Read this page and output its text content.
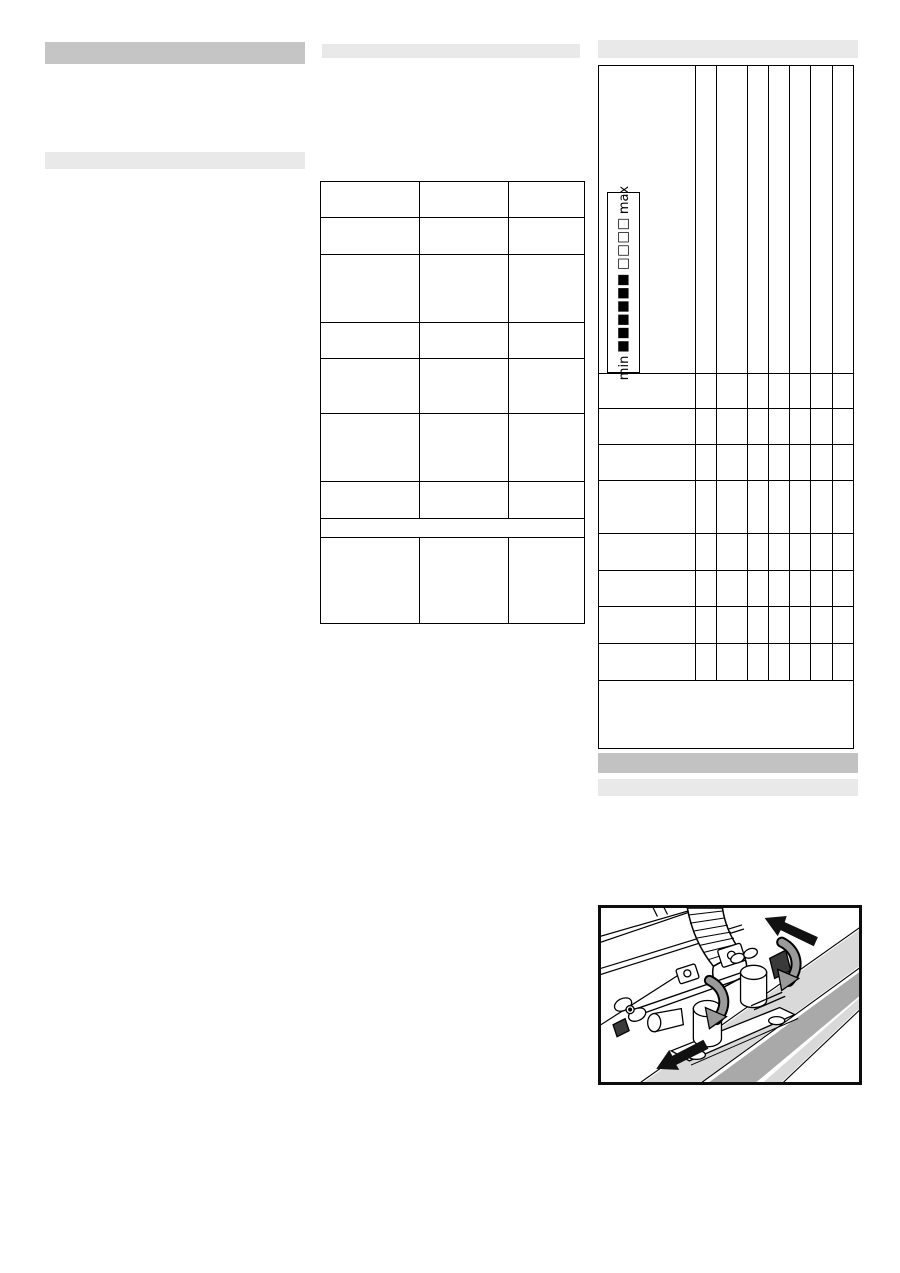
min
■■■■■■
□□□□
max
